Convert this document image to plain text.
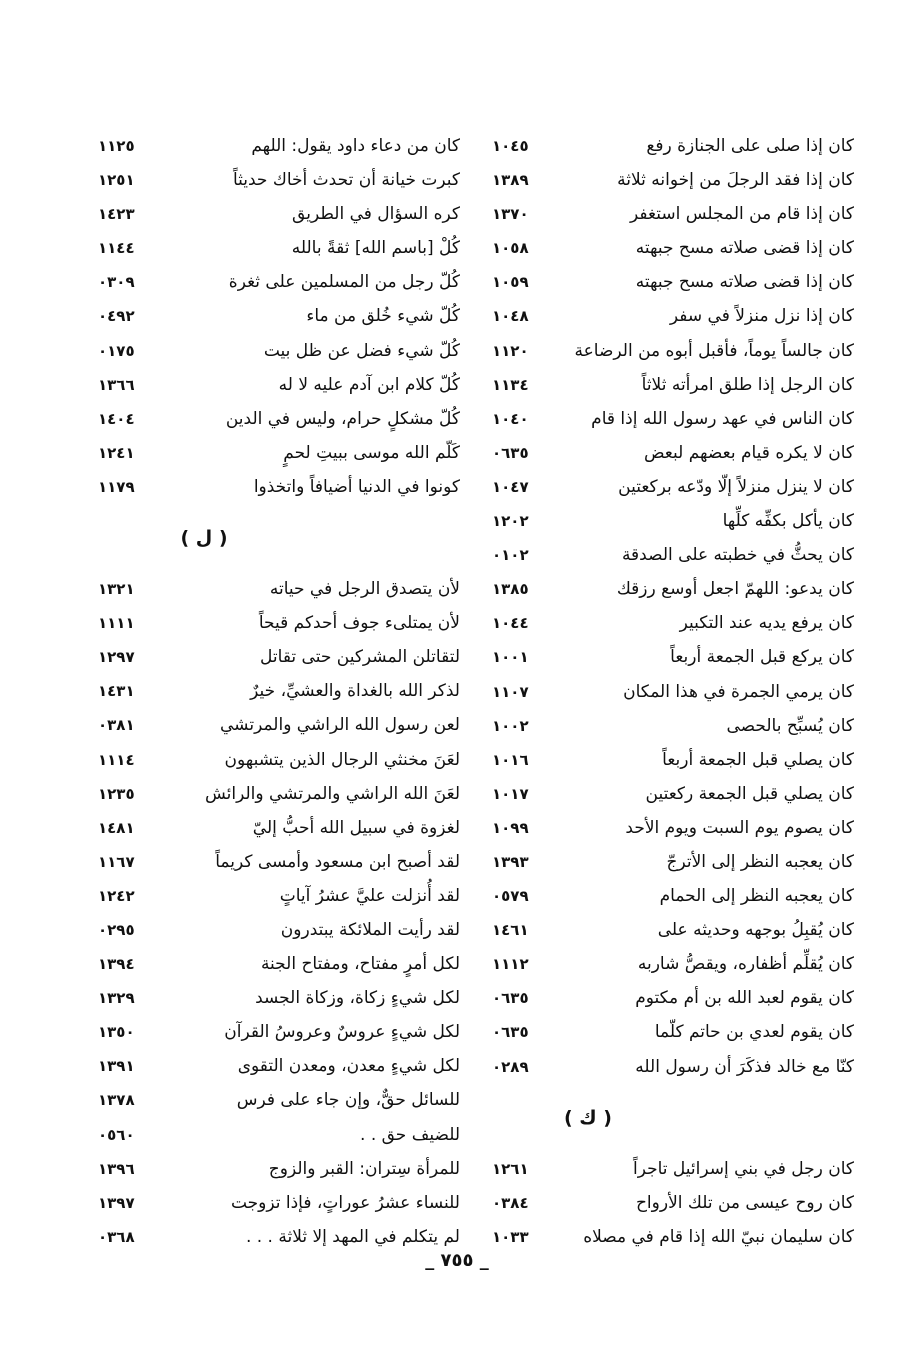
١٠٤٥	كان إذا صلى على الجنازة رفع
١٣٨٩	كان إذا فقد الرجلَ من إخوانه ثلاثة
١٣٧٠	كان إذا قام من المجلس استغفر
١٠٥٨	كان إذا قضى صلاته مسح جبهته
١٠٥٩	كان إذا قضى صلاته مسح جبهته
١٠٤٨	كان إذا نزل منزلاً في سفر
١١٢٠	كان جالساً يوماً، فأقبل أبوه من الرضاعة
١١٣٤	كان الرجل إذا طلق امرأته ثلاثاً
١٠٤٠	كان الناس في عهد رسول الله إذا قام
٠٦٣٥	كان لا يكره قيام بعضهم لبعض
١٠٤٧	كان لا ينزل منزلاً إلّا ودّعه بركعتين
١٢٠٢	كان يأكل بكفِّه كلِّها
٠١٠٢	كان يحثُّ في خطبته على الصدقة
١٣٨٥	كان يدعو: اللهمّ اجعل أوسع رزقك
١٠٤٤	كان يرفع يديه عند التكبير
١٠٠١	كان يركع قبل الجمعة أربعاً
١١٠٧	كان يرمي الجمرة في هذا المكان
١٠٠٢	كان يُسبِّح بالحصى
١٠١٦	كان يصلي قبل الجمعة أربعاً
١٠١٧	كان يصلي قبل الجمعة ركعتين
١٠٩٩	كان يصوم يوم السبت ويوم الأحد
١٣٩٣	كان يعجبه النظر إلى الأترجّ
٠٥٧٩	كان يعجبه النظر إلى الحمام
١٤٦١	كان يُقبِلُ بوجهه وحديثه على
١١١٢	كان يُقلِّم أظفاره، ويقصُّ شاربه
٠٦٣٥	كان يقوم لعبد الله بن أم مكتوم
٠٦٣٥	كان يقوم لعدي بن حاتم كلّما
٠٢٨٩	كنّا مع خالد فذكَرَ أن رسول الله
( ك )
١٢٦١	كان رجل في بني إسرائيل تاجراً
٠٣٨٤	كان روح عيسى من تلك الأرواح
١٠٣٣	كان سليمان نبيّ الله إذا قام في مصلاه
١١٢٥	كان من دعاء داود يقول: اللهم
١٢٥١	كبرت خيانة أن تحدث أخاك حديثاً
١٤٢٣	كره السؤال في الطريق
١١٤٤	كُلْ [باسم الله] ثقةً بالله
٠٣٠٩	كُلّ رجل من المسلمين على ثغرة
٠٤٩٢	كُلّ شيء خُلق من ماء
٠١٧٥	كُلّ شيء فضل عن ظل بيت
١٣٦٦	كُلّ كلام ابن آدم عليه لا له
١٤٠٤	كُلّ مشكلٍ حرام، وليس في الدين
١٢٤١	كَلّم الله موسى ببيتِ لحمٍ
١١٧٩	كونوا في الدنيا أضيافاً واتخذوا
( ل )
١٣٢١	لأن يتصدق الرجل في حياته
١١١١	لأن يمتلىء جوف أحدكم قيحاً
١٢٩٧	لتقاتلن المشركين حتى تقاتل
١٤٣١	لذكر الله بالغداة والعشيِّ، خيرٌ
٠٣٨١	لعن رسول الله الراشي والمرتشي
١١١٤	لعَنَ مخنثي الرجال الذين يتشبهون
١٢٣٥	لعَنَ الله الراشي والمرتشي والرائش
١٤٨١	لغزوة في سبيل الله أحبُّ إليّ
١١٦٧	لقد أصبح ابن مسعود وأمسى كريماً
١٢٤٢	لقد أُنزلت عليَّ عشرُ آياتٍ
٠٢٩٥	لقد رأيت الملائكة يبتدرون
١٣٩٤	لكل أمرٍ مفتاح، ومفتاح الجنة
١٣٢٩	لكل شيءٍ زكاة، وزكاة الجسد
١٣٥٠	لكل شيءٍ عروسٌ وعروسُ القرآن
١٣٩١	لكل شيءٍ معدن، ومعدن التقوى
١٣٧٨	للسائل حقٌّ، وإن جاء على فرس
٠٥٦٠	للضيف حق . .
١٣٩٦	للمرأة سِتران: القبر والزوج
١٣٩٧	للنساء عشرُ عوراتٍ، فإذا تزوجت
٠٣٦٨	لم يتكلم في المهد إلا ثلاثة . . .
_ ٧٥٥ _
